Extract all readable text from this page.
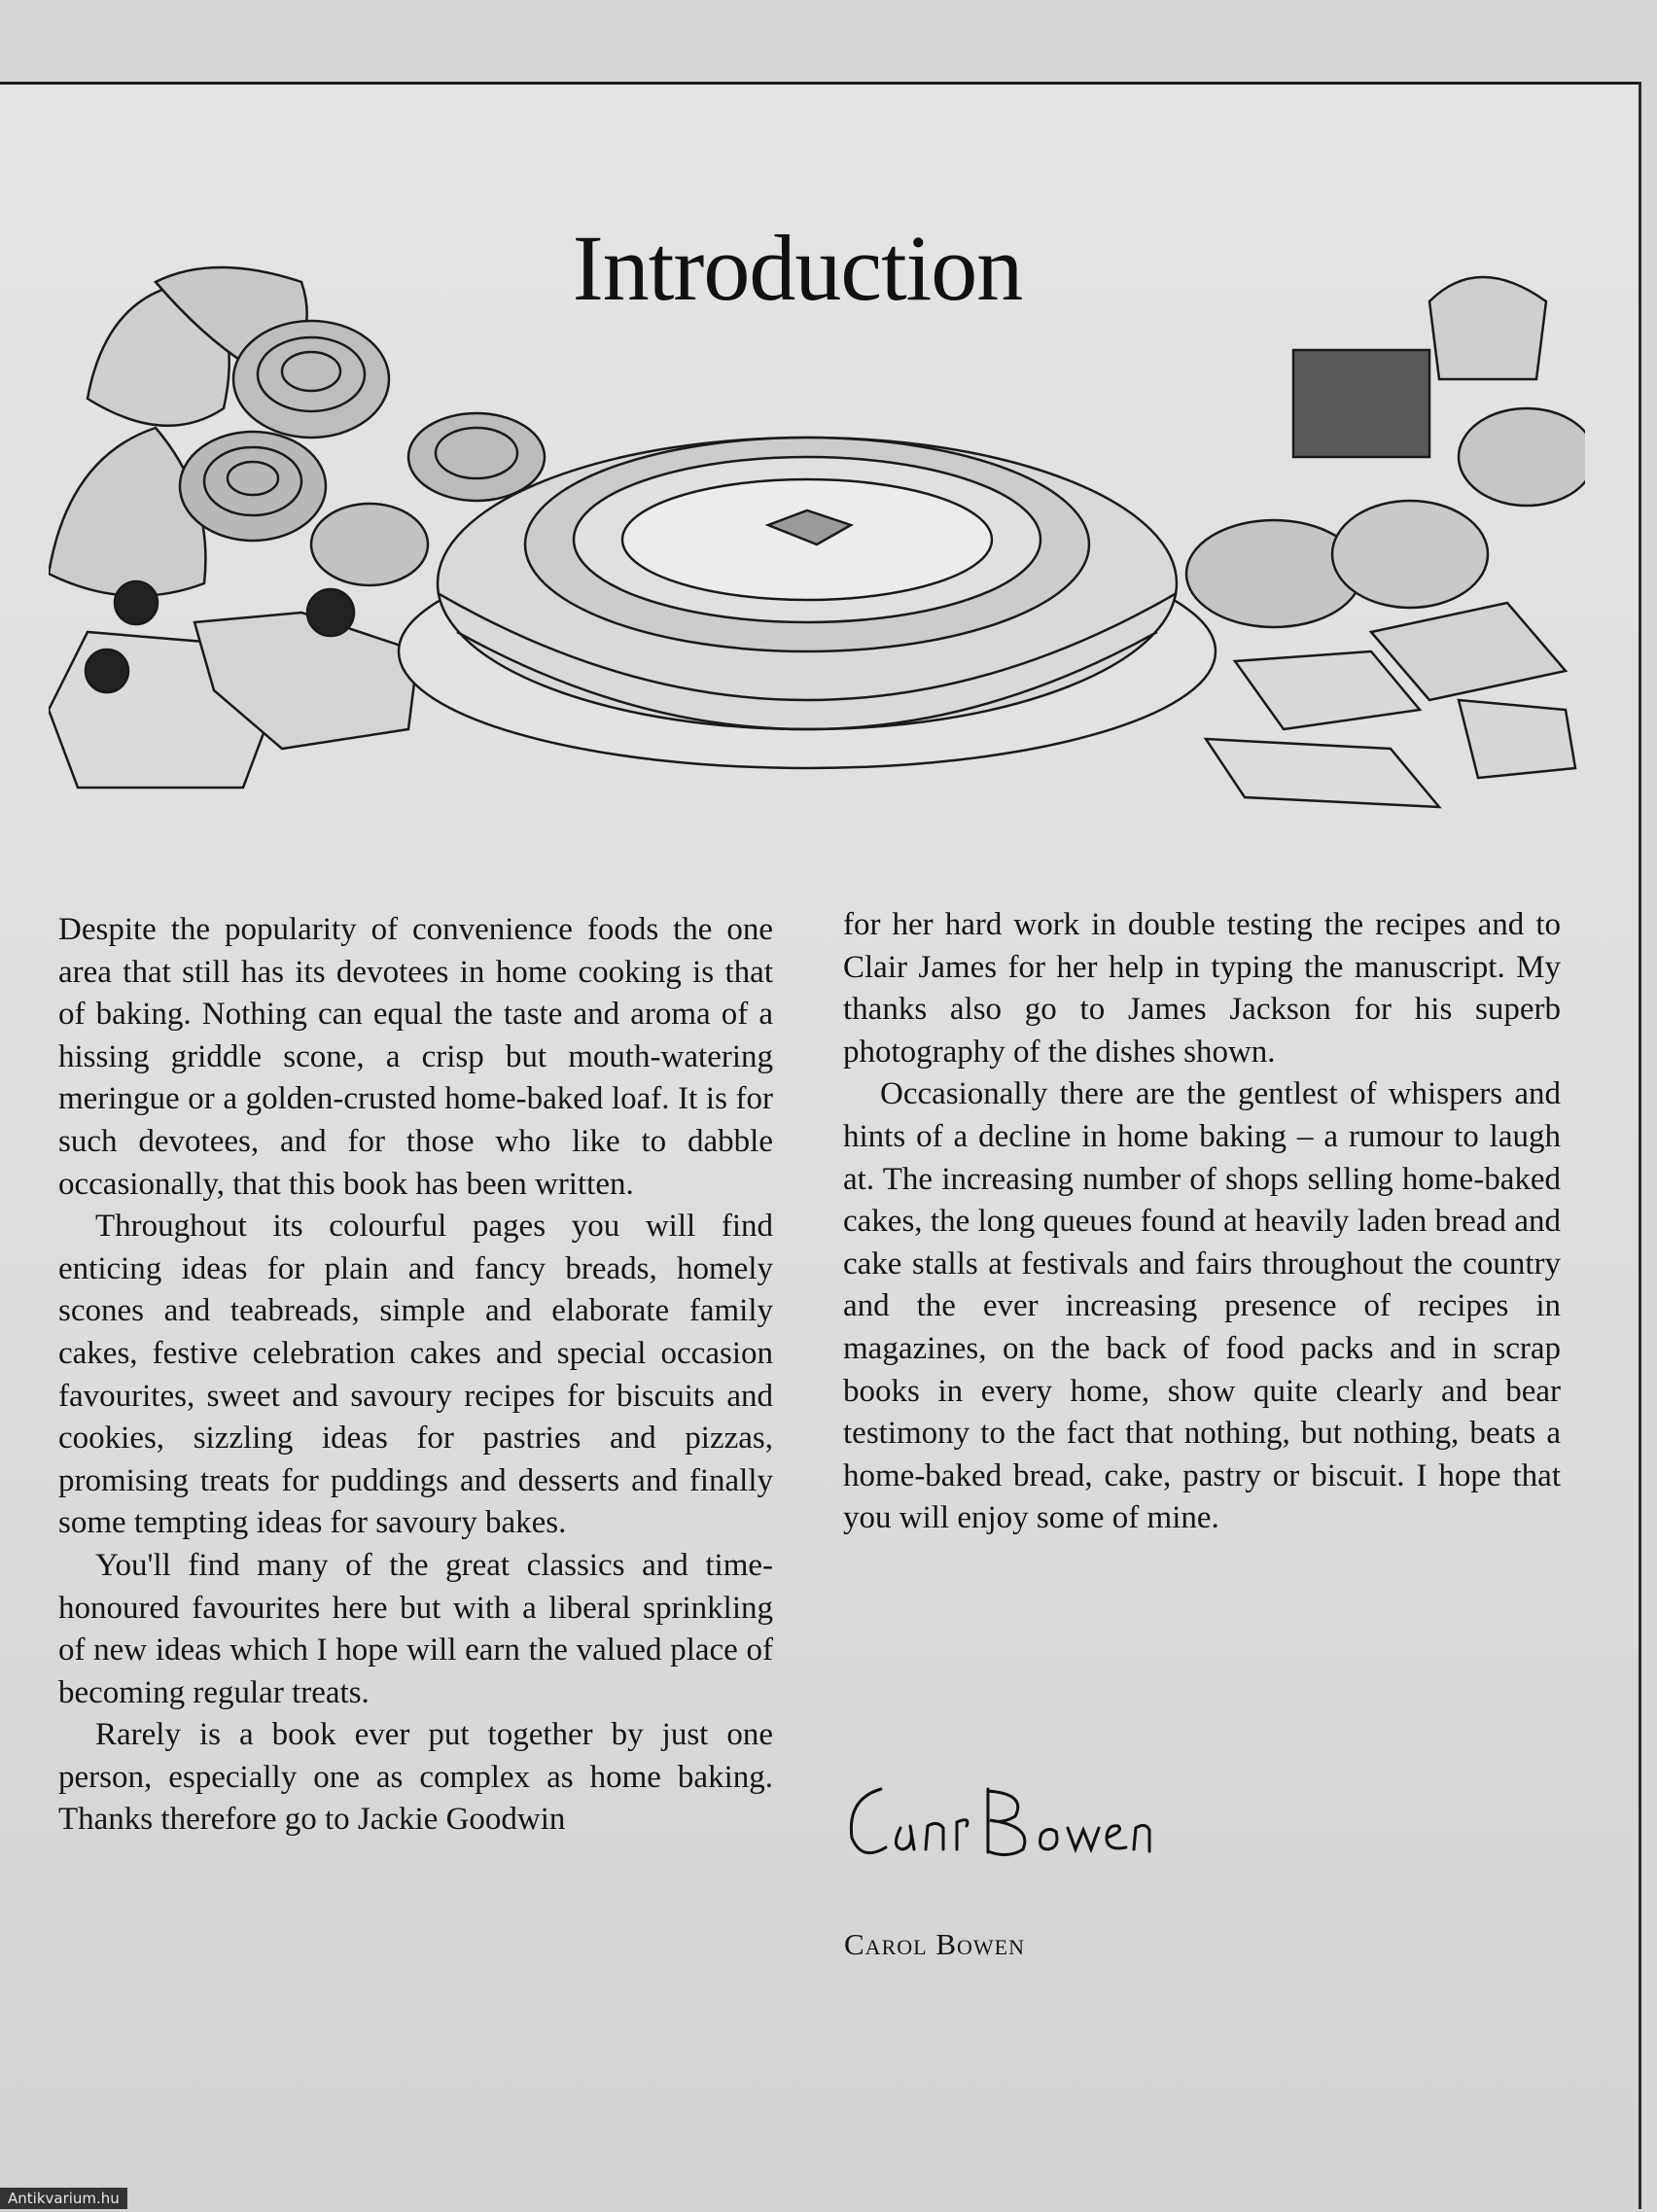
Introduction

Despite the popularity of convenience foods the one area that still has its devotees in home cooking is that of baking. Nothing can equal the taste and aroma of a hissing griddle scone, a crisp but mouth-watering meringue or a golden-crusted home-baked loaf. It is for such devotees, and for those who like to dabble occasionally, that this book has been written.

Throughout its colourful pages you will find enticing ideas for plain and fancy breads, homely scones and teabreads, simple and elaborate family cakes, festive celebration cakes and special occasion favourites, sweet and savoury recipes for biscuits and cookies, sizzling ideas for pastries and pizzas, promising treats for puddings and desserts and finally some tempting ideas for savoury bakes.

You'll find many of the great classics and time-honoured favourites here but with a liberal sprinkling of new ideas which I hope will earn the valued place of becoming regular treats.

Rarely is a book ever put together by just one person, especially one as complex as home baking. Thanks therefore go to Jackie Goodwin

for her hard work in double testing the recipes and to Clair James for her help in typing the manuscript. My thanks also go to James Jackson for his superb photography of the dishes shown.

Occasionally there are the gentlest of whispers and hints of a decline in home baking – a rumour to laugh at. The increasing number of shops selling home-baked cakes, the long queues found at heavily laden bread and cake stalls at festivals and fairs throughout the country and the ever increasing presence of recipes in magazines, on the back of food packs and in scrap books in every home, show quite clearly and bear testimony to the fact that nothing, but nothing, beats a home-baked bread, cake, pastry or biscuit. I hope that you will enjoy some of mine.

Carol Bowen
Antikvarium.hu
